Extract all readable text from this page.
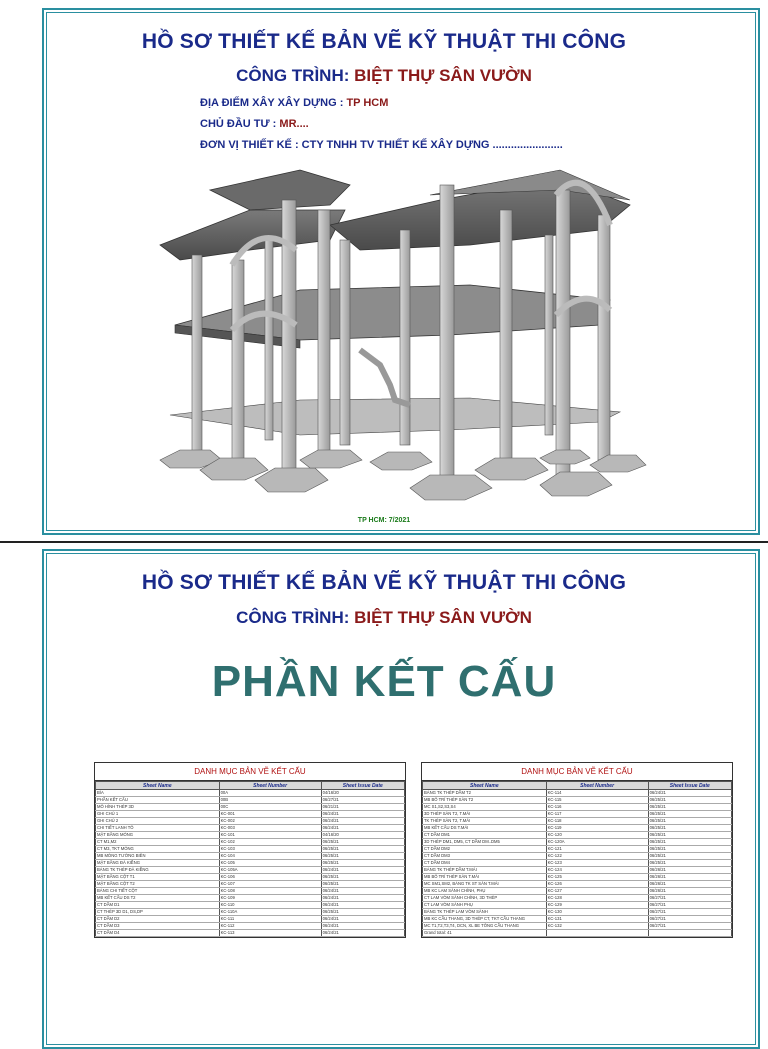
HỒ SƠ THIẾT KẾ BẢN VẼ KỸ THUẬT THI CÔNG
CÔNG TRÌNH: BIỆT THỰ SÂN VƯỜN
ĐỊA ĐIỂM XÂY XÂY DỰNG : TP HCM
CHỦ ĐẦU TƯ : MR....
ĐƠN VỊ THIẾT KẾ : CTY TNHH TV THIẾT KẾ XÂY DỰNG .......................
TP HCM: 7/2021
HỒ SƠ THIẾT KẾ BẢN VẼ KỸ THUẬT THI CÔNG
CÔNG TRÌNH: BIỆT THỰ SÂN VƯỜN
PHẦN KẾT CẤU
DANH MỤC BẢN VẼ KẾT CẤU
Sheet Name	Sheet Number	Sheet Issue Date
BÌA	00A	04/16/20
PHẦN KẾT CẤU	00B	06/27/21
MÔ HÌNH THÉP 3D	00C	06/21/21
GHI CHÚ 1	KC-001	06/24/21
GHI CHÚ 2	KC-002	06/24/21
CHI TIẾT LANH TÔ	KC-003	06/24/21
MẶT BẰNG MÓNG	KC-101	04/16/20
CT M1,M2	KC-102	06/25/21
CT M3, TKT MÓNG	KC-103	06/25/21
MB MÓNG TƯỜNG BIÊN	KC-104	06/25/21
MẶT BẰNG ĐÀ KIỀNG	KC-105	06/25/21
BẢNG TK THÉP ĐÀ KIỀNG	KC-105A	06/24/21
MẶT BẰNG CỘT T1	KC-106	06/25/21
MẶT BẰNG CỘT T2	KC-107	06/25/21
BẢNG CHI TIẾT CỘT	KC-108	06/24/21
MB KẾT CẤU DS T2	KC-109	06/24/21
CT DẦM D1	KC-110	06/24/21
CT THÉP 3D D1, DS,DP	KC-110A	06/25/21
CT DẦM D2	KC-111	06/24/21
CT DẦM D3	KC-112	06/24/21
CT DẦM D4	KC-113	06/24/21
DANH MỤC BẢN VẼ KẾT CẤU
Sheet Name	Sheet Number	Sheet Issue Date
BẢNG TK THÉP DẦM T2	KC-114	06/24/21
MB BỐ TRÍ THÉP SÀN T2	KC-115	06/25/21
MC S1,S2,S3,S4	KC-116	06/25/21
3D THÉP SÀN T2, T.MÁI	KC-117	06/25/21
TK THÉP SÀN T2, T.MÁI	KC-118	06/25/21
MB KẾT CẤU DS T.MÁI	KC-119	06/25/21
CT DẦM DM1	KC-120	06/25/21
3D THÉP DM1, DM5, CT DẦM DM..DM5	KC-120A	06/25/21
CT DẦM DM2	KC-121	06/25/21
CT DẦM DM3	KC-122	06/25/21
CT DẦM DM4	KC-123	06/25/21
BẢNG TK THÉP DẦM T.MÁI	KC-124	06/26/21
MB BỐ TRÍ THÉP SÀN T.MÁI	KC-125	06/26/21
MC SM1,SM2, BẢNG TK ST SÀN T.MÁI	KC-126	06/26/21
MB KC LAM SÀNH CHÍNH, PHỤ	KC-127	06/26/21
CT LAM VÒM SÀNH CHÍNH, 3D THÉP	KC-128	06/27/21
CT LAM VÒM SÀNH PHỤ	KC-129	06/27/21
BẢNG TK THÉP LAM VÒM SÀNH	KC-130	06/27/21
MB KC CẦU THANG, 3D THÉP CT, TKT CẦU THANG	KC-131	06/27/21
MC T1,T2,T3,T4, DCN, XL BE TÔNG CẦU THANG	KC-132	06/27/21
Grand total: 41		
